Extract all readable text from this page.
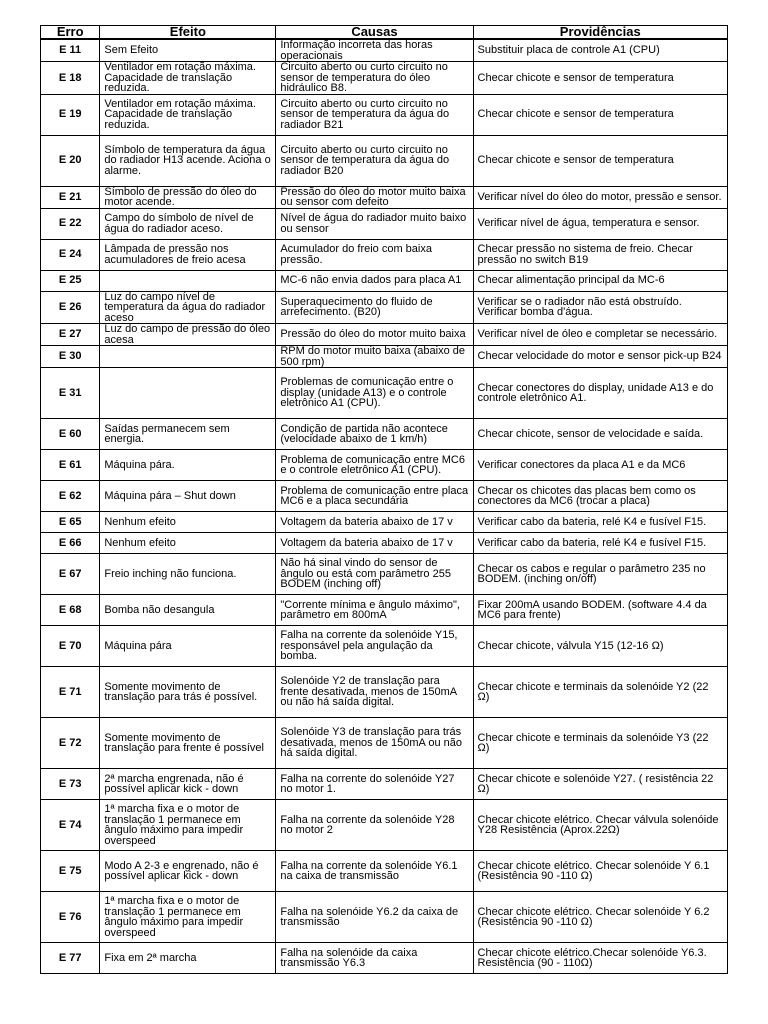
Erro	Efeito	Causas	Providências
E 11	Sem Efeito	Informação incorreta das horas operacionais	Substituir placa de controle A1 (CPU)
E 18	Ventilador em rotação máxima. Capacidade de translação reduzida.	Circuito aberto ou curto circuito no sensor de temperatura do óleo hidráulico B8.	Checar chicote e sensor de temperatura
E 19	Ventilador em rotação máxima. Capacidade de translação reduzida.	Circuito aberto ou curto circuito no sensor de temperatura da água do radiador B21	Checar chicote e sensor de temperatura
E 20	Símbolo de temperatura da água do radiador H13 acende. Aciona o alarme.	Circuito aberto ou curto circuito no sensor de temperatura da água do radiador B20	Checar chicote e sensor de temperatura
E 21	Símbolo de pressão do óleo do motor acende.	Pressão do óleo do motor muito baixa ou sensor com defeito	Verificar nível do óleo do motor, pressão e sensor.
E 22	Campo do símbolo de nível de água do radiador aceso.	Nível de água do radiador muito baixo ou sensor	Verificar nível de água, temperatura e sensor.
E 24	Lâmpada de pressão nos acumuladores de freio acesa	Acumulador do freio com baixa pressão.	Checar pressão no sistema de freio. Checar pressão no switch B19
E 25		MC-6 não envia dados para placa A1	Checar alimentação principal da MC-6
E 26	Luz do campo nível de temperatura da água do radiador aceso	Superaquecimento do fluido de arrefecimento. (B20)	Verificar se o radiador não está obstruído. Verificar bomba d'água.
E 27	Luz do campo de pressão do óleo acesa	Pressão do óleo do motor muito baixa	Verificar nível de óleo e completar se necessário.
E 30		RPM do motor muito baixa (abaixo de 500 rpm)	Checar velocidade do motor e sensor pick-up B24
E 31		Problemas de comunicação entre o display (unidade A13) e o controle eletrônico A1 (CPU).	Checar conectores do display, unidade A13 e do controle eletrônico A1.
E 60	Saídas permanecem sem energia.	Condição de partida não acontece (velocidade abaixo de 1 km/h)	Checar chicote, sensor de velocidade e saída.
E 61	Máquina pára.	Problema de comunicação entre MC6 e o controle eletrônico A1 (CPU).	Verificar conectores da placa A1 e da MC6
E 62	Máquina pára – Shut down	Problema de comunicação entre placa MC6 e a placa secundária	Checar os chicotes das placas bem como os conectores da MC6 (trocar a placa)
E 65	Nenhum efeito	Voltagem da bateria abaixo de 17 v	Verificar cabo da bateria, relé K4 e fusível F15.
E 66	Nenhum efeito	Voltagem da bateria abaixo de 17 v	Verificar cabo da bateria, relé K4 e fusível F15.
E 67	Freio inching não funciona.	Não há sinal vindo do sensor de ângulo ou está com parâmetro 255 BODEM (inching off)	Checar os cabos e regular o parâmetro 235 no BODEM. (inching on/off)
E 68	Bomba não desangula	"Corrente mínima e ângulo máximo", parâmetro em 800mA	Fixar 200mA usando BODEM. (software 4.4 da MC6 para frente)
E 70	Máquina pára	Falha na corrente da solenóide Y15, responsável pela angulação da bomba.	Checar chicote, válvula Y15 (12-16 Ω)
E 71	Somente movimento de translação para trás é possível.	Solenóide Y2 de translação para frente desativada, menos de 150mA ou não há saída digital.	Checar chicote e terminais da solenóide Y2 (22 Ω)
E 72	Somente movimento de translação para frente é possível	Solenóide Y3 de translação para trás desativada, menos de 150mA ou não há saída digital.	Checar chicote e terminais da solenóide Y3 (22 Ω)
E 73	2ª marcha engrenada, não é possível aplicar kick - down	Falha na corrente do solenóide Y27 no motor 1.	Checar chicote e solenóide Y27. ( resistência 22 Ω)
E 74	1ª marcha fixa e o motor de translação 1 permanece em ângulo máximo para impedir overspeed	Falha na corrente da solenóide Y28 no motor 2	Checar chicote elétrico. Checar válvula solenóide Y28 Resistência (Aprox.22Ω)
E 75	Modo A 2-3 e engrenado, não é possível aplicar kick - down	Falha na corrente da solenóide Y6.1 na caixa de transmissão	Checar chicote elétrico. Checar solenóide Y 6.1 (Resistência 90 -110 Ω)
E 76	1ª marcha fixa e o motor de translação 1 permanece em ângulo máximo para impedir overspeed	Falha na solenóide Y6.2 da caixa de transmissão	Checar chicote elétrico. Checar solenóide Y 6.2 (Resistência 90 -110 Ω)
E 77	Fixa em 2ª marcha	Falha na solenóide da caixa transmissão Y6.3	Checar chicote elétrico.Checar solenóide Y6.3. Resistência (90 - 110Ω)
